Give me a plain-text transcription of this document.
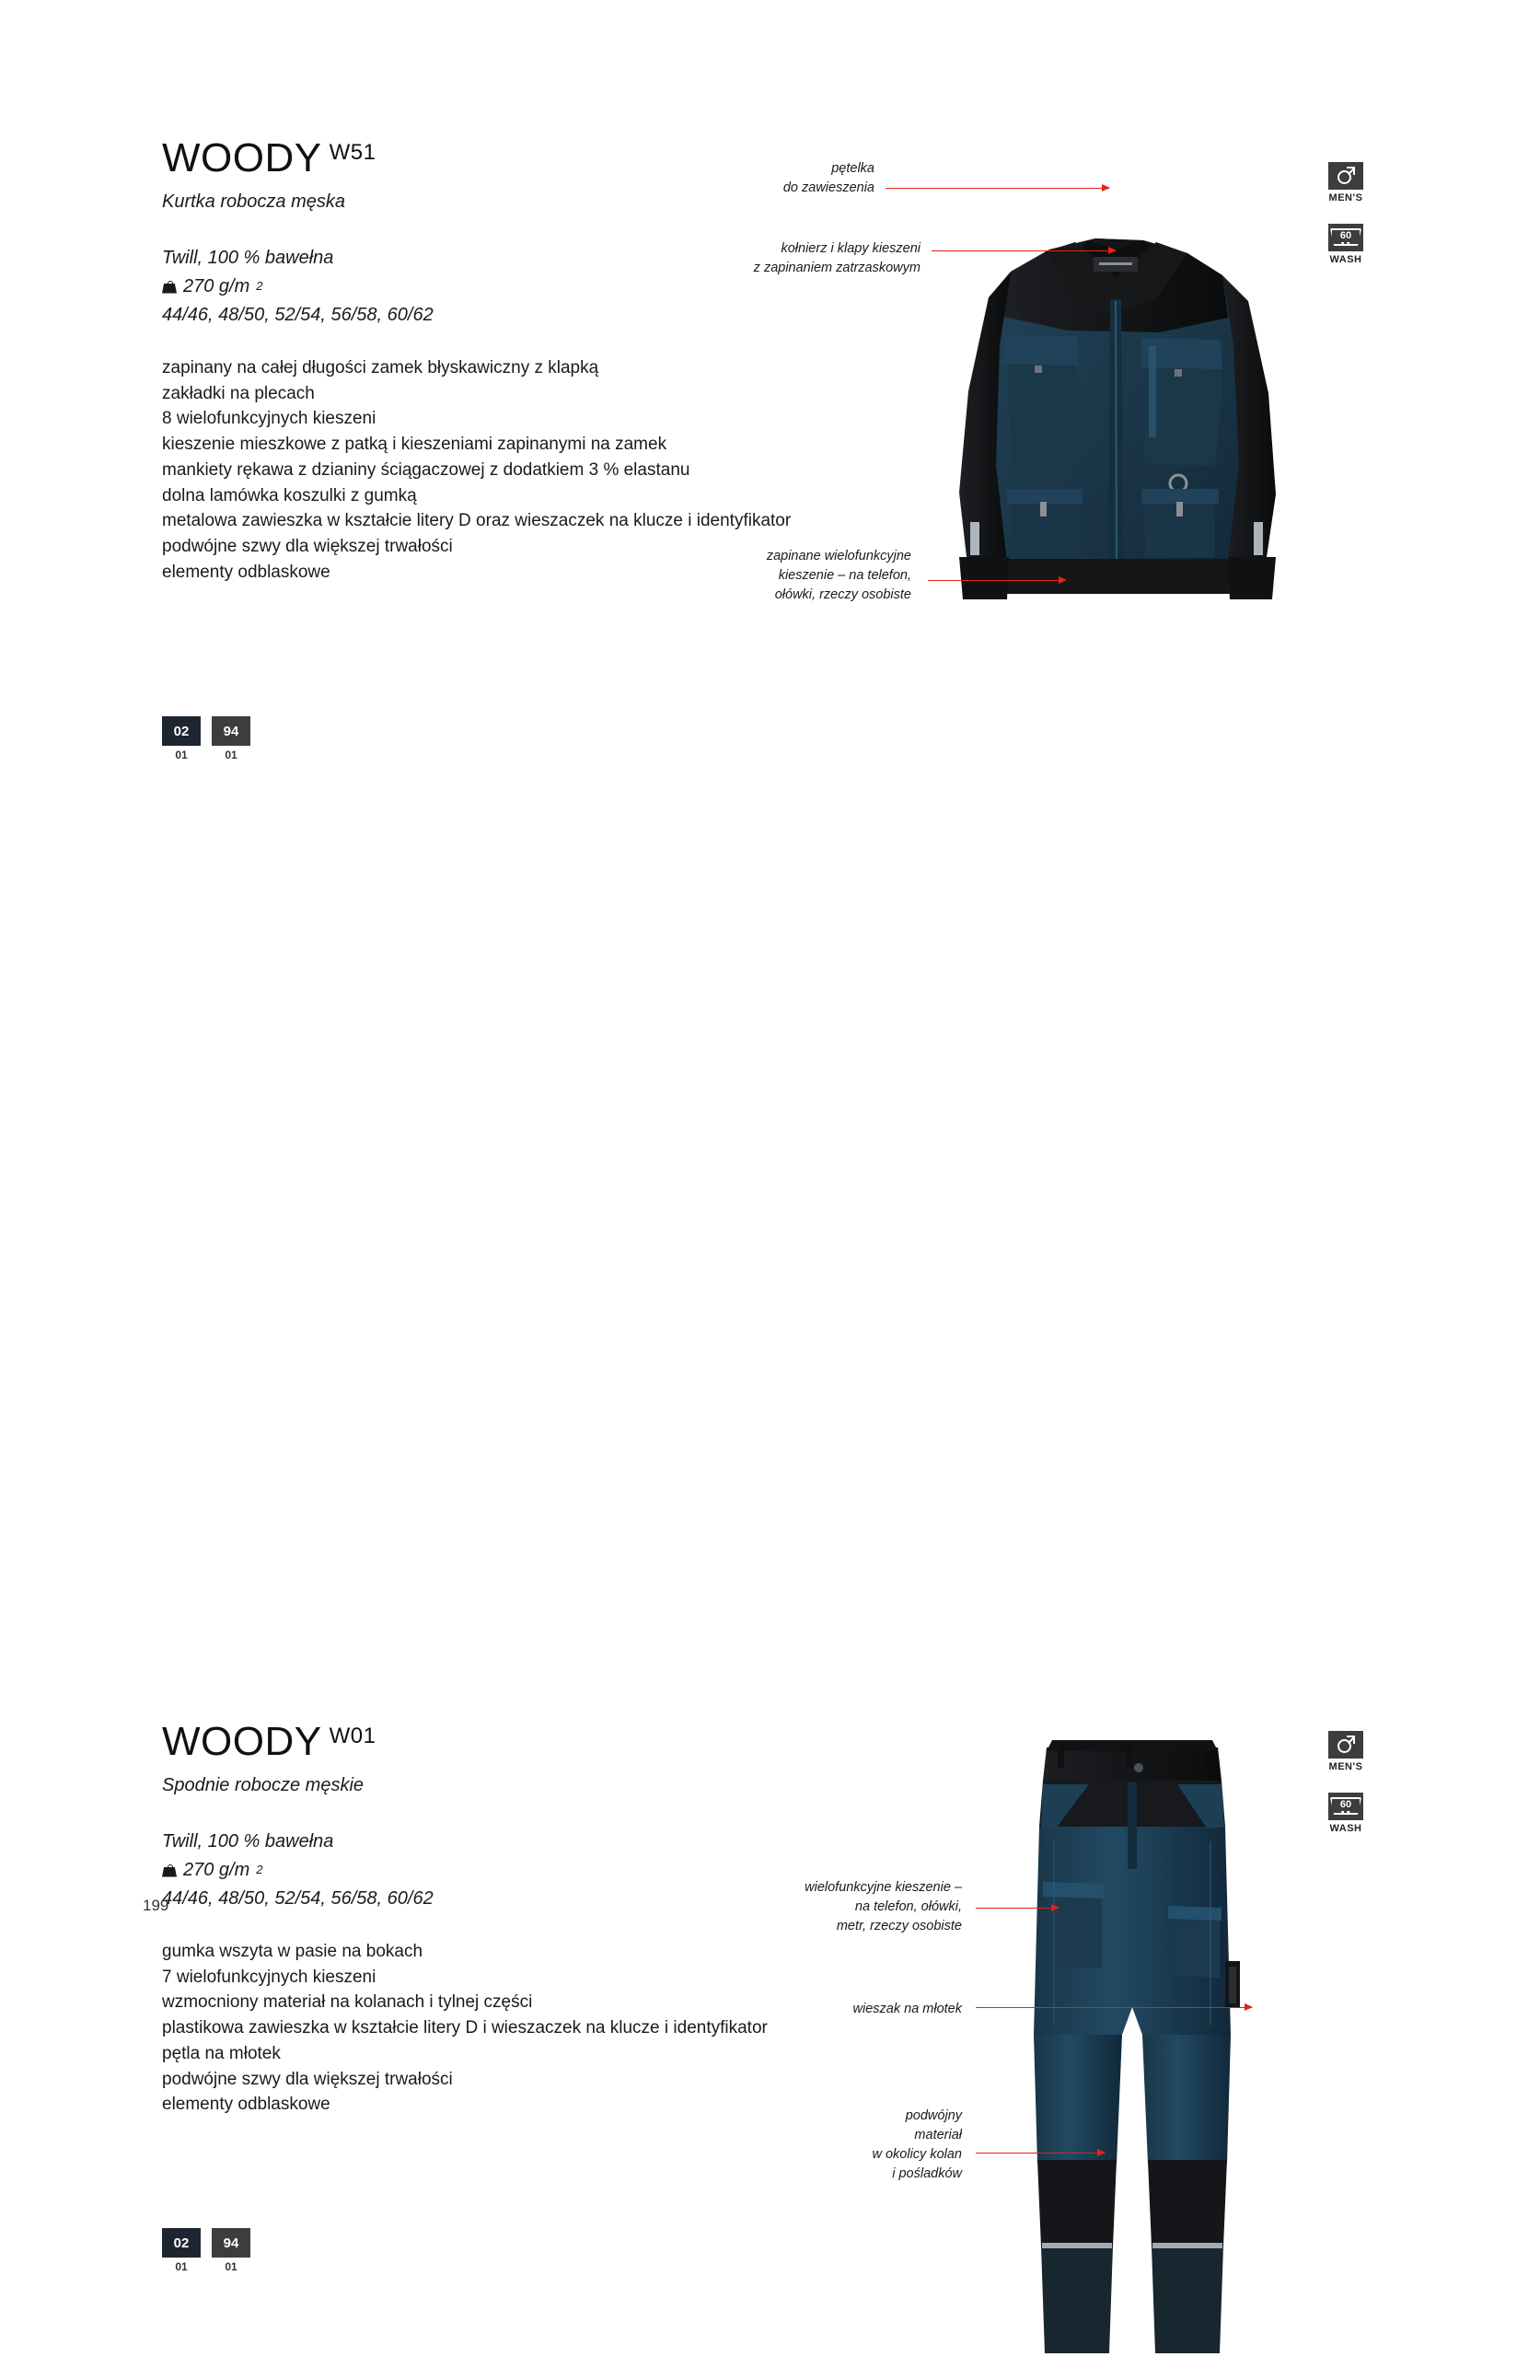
WOODY W51
Kurtka robocza męska
Twill, 100 % bawełna
270 g/m 2
44/46, 48/50, 52/54, 56/58, 60/62
zapinany na całej długości zamek błyskawiczny z klapką
zakładki na plecach
8 wielofunkcyjnych kieszeni
kieszenie mieszkowe z patką i kieszeniami zapinanymi na zamek
mankiety rękawa z dzianiny ściągaczowej z dodatkiem 3 % elastanu
dolna lamówka koszulki z gumką
metalowa zawieszka w kształcie litery D oraz wieszaczek na klucze i identyfikator
podwójne szwy dla większej trwałości
elementy odblaskowe
02
01
94
01
MEN'S
60
WASH
pętelka
do zawieszenia
kołnierz i klapy kieszeni
z zapinaniem zatrzaskowym
zapinane wielofunkcyjne
kieszenie – na telefon,
ołówki, rzeczy osobiste
WOODY W01
Spodnie robocze męskie
Twill, 100 % bawełna
270 g/m 2
44/46, 48/50, 52/54, 56/58, 60/62
gumka wszyta w pasie na bokach
7 wielofunkcyjnych kieszeni
wzmocniony materiał na kolanach i tylnej części
plastikowa zawieszka w kształcie litery D i wieszaczek na klucze i identyfikator
pętla na młotek
podwójne szwy dla większej trwałości
elementy odblaskowe
02
01
94
01
MEN'S
60
WASH
wielofunkcyjne kieszenie –
na telefon, ołówki,
metr, rzeczy osobiste
wieszak na młotek
podwójny
materiał
w okolicy kolan
i pośladków
199
